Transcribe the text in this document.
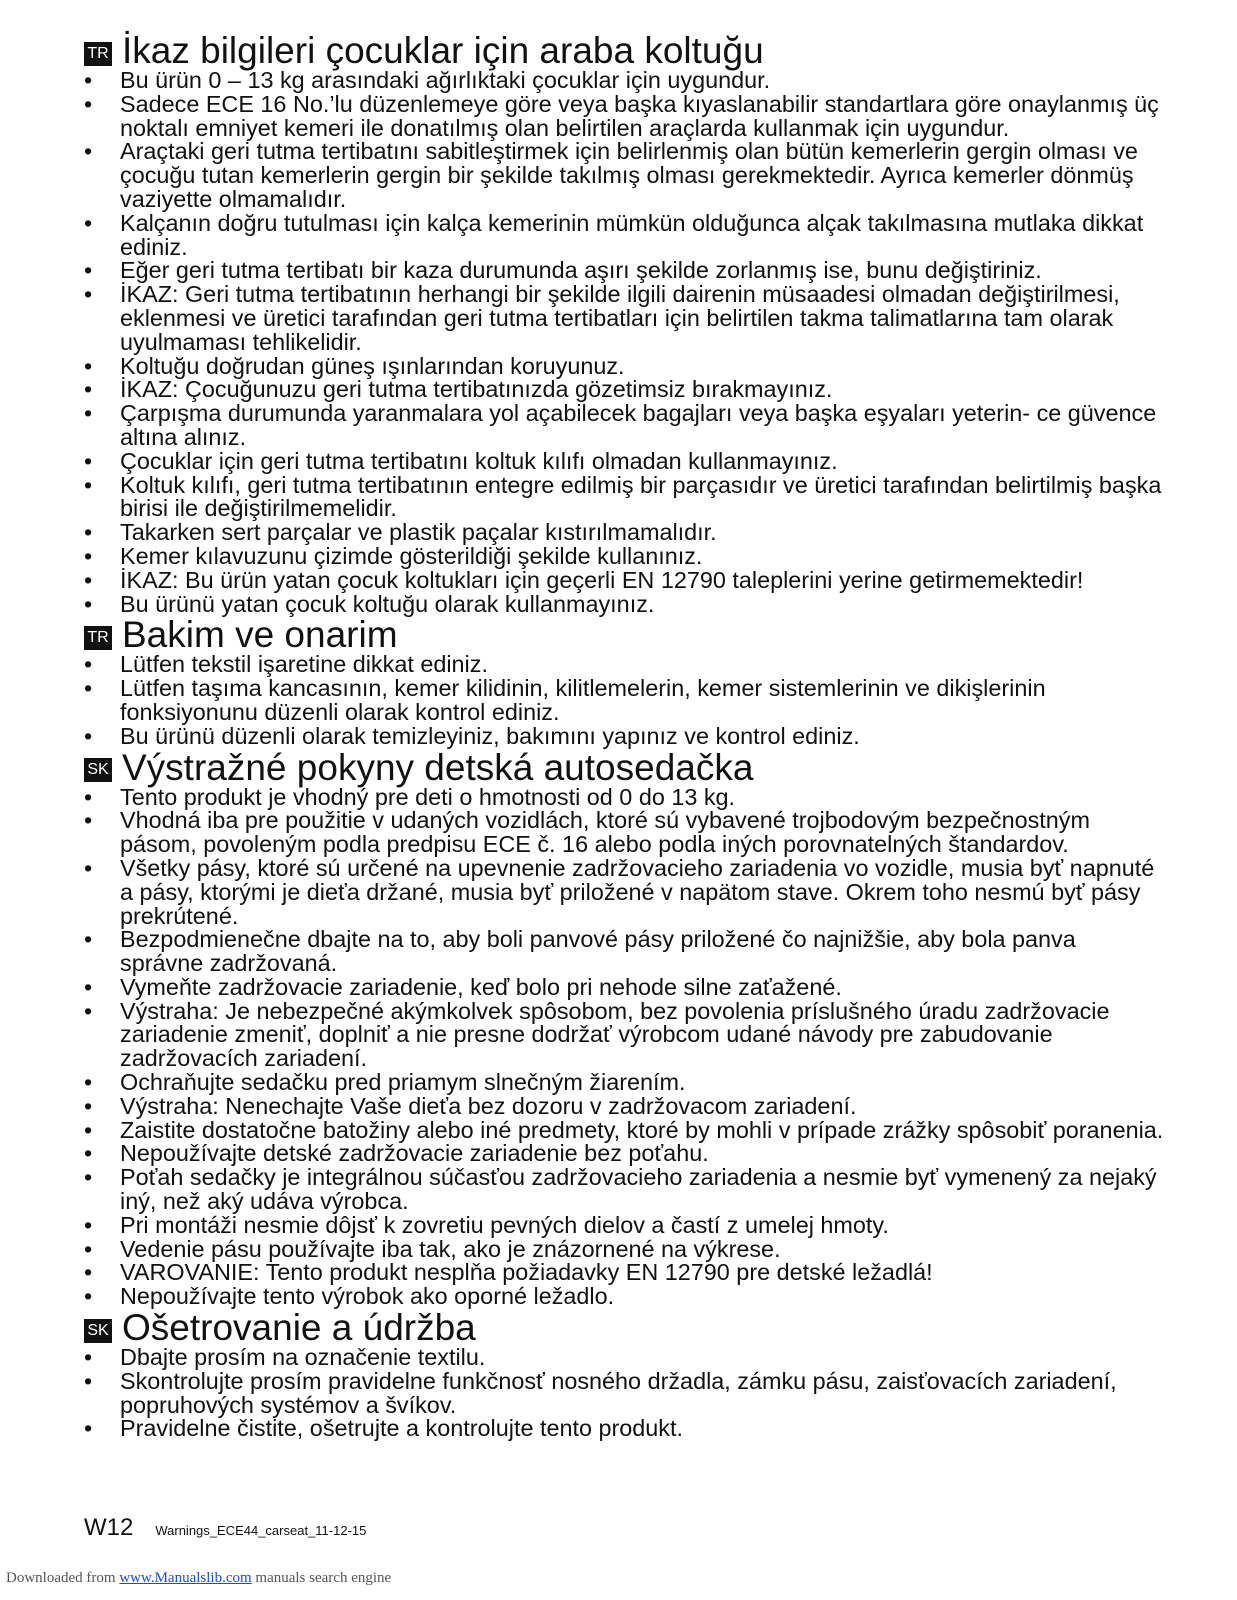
TR İkaz bilgileri çocuklar için araba koltuğu
•	Bu ürün 0 – 13 kg arasındaki ağırlıktaki çocuklar için uygundur.
•	Sadece ECE 16 No.’lu düzenlemeye göre veya başka kıyaslanabilir standartlara göre onaylanmış üç noktalı emniyet kemeri ile donatılmış olan belirtilen araçlarda kullanmak için uygundur.
•	Araçtaki geri tutma tertibatını sabitleştirmek için belirlenmiş olan bütün kemerlerin gergin olması ve çocuğu tutan kemerlerin gergin bir şekilde takılmış olması gerekmektedir. Ayrıca kemerler dönmüş vaziyette olmamalıdır.
•	Kalçanın doğru tutulması için kalça kemerinin mümkün olduğunca alçak takılmasına mutlaka dikkat ediniz.
•	Eğer geri tutma tertibatı bir kaza durumunda aşırı şekilde zorlanmış ise, bunu değiştiriniz.
•	İKAZ: Geri tutma tertibatının herhangi bir şekilde ilgili dairenin müsaadesi olmadan değiştirilmesi, eklenmesi ve üretici tarafından geri tutma tertibatları için belirtilen takma talimatlarına tam olarak uyulmaması tehlikelidir.
•	Koltuğu doğrudan güneş ışınlarından koruyunuz.
•	İKAZ: Çocuğunuzu geri tutma tertibatınızda gözetimsiz bırakmayınız.
•	Çarpışma durumunda yaranmalara yol açabilecek bagajları veya başka eşyaları yeterin- ce güvence altına alınız.
•	Çocuklar için geri tutma tertibatını koltuk kılıfı olmadan kullanmayınız.
•	Koltuk kılıfı, geri tutma tertibatının entegre edilmiş bir parçasıdır ve üretici tarafından belirtilmiş başka birisi ile değiştirilmemelidir.
•	Takarken sert parçalar ve plastik paçalar kıstırılmamalıdır.
•	Kemer kılavuzunu çizimde gösterildiği şekilde kullanınız.
•	İKAZ: Bu ürün yatan çocuk koltukları için geçerli EN 12790 taleplerini yerine getirmemektedir!
•	Bu ürünü yatan çocuk koltuğu olarak kullanmayınız.
TR Bakim ve onarim
•	Lütfen tekstil işaretine dikkat ediniz.
•	Lütfen taşıma kancasının, kemer kilidinin, kilitlemelerin, kemer sistemlerinin ve dikişlerinin fonksiyonunu düzenli olarak kontrol ediniz.
•	Bu ürünü düzenli olarak temizleyiniz, bakımını yapınız ve kontrol ediniz.
SK Výstražné pokyny detská autosedačka
•	Tento produkt je vhodný pre deti o hmotnosti od 0 do 13 kg.
•	Vhodná iba pre použitie v udaných vozidlách, ktoré sú vybavené trojbodovým bezpečnostným pásom, povoleným podla predpisu ECE č. 16 alebo podla iných porovnatelných štandardov.
•	Všetky pásy, ktoré sú určené na upevnenie zadržovacieho zariadenia vo vozidle, musia byť napnuté a pásy, ktorými je dieťa držané, musia byť priložené v napätom stave. Okrem toho nesmú byť pásy prekrútené.
•	Bezpodmienečne dbajte na to, aby boli panvové pásy priložené čo najnižšie, aby bola panva správne zadržovaná.
•	Vymeňte zadržovacie zariadenie, keď bolo pri nehode silne zaťažené.
•	Výstraha: Je nebezpečné akýmkolvek spôsobom, bez povolenia príslušného úradu zadržovacie zariadenie zmeniť, doplniť a nie presne dodržať výrobcom udané návody pre zabudovanie zadržovacích zariadení.
•	Ochraňujte sedačku pred priamym slnečným žiarením.
•	Výstraha: Nenechajte Vaše dieťa bez dozoru v zadržovacom zariadení.
•	Zaistite dostatočne batožiny alebo iné predmety, ktoré by mohli v prípade zrážky spôsobiť poranenia.
•	Nepoužívajte detské zadržovacie zariadenie bez poťahu.
•	Poťah sedačky je integrálnou súčasťou zadržovacieho zariadenia a nesmie byť vymenený za nejaký iný, než aký udáva výrobca.
•	Pri montáži nesmie dôjsť k zovretiu pevných dielov a častí z umelej hmoty.
•	Vedenie pásu používajte iba tak, ako je znázornené na výkrese.
•	VAROVANIE: Tento produkt nesplňa požiadavky EN 12790 pre detské ležadlá!
•	Nepoužívajte tento výrobok ako oporné ležadlo.
SK Ošetrovanie a údržba
•	Dbajte prosím na označenie textilu.
•	Skontrolujte prosím pravidelne funkčnosť nosného držadla, zámku pásu, zaisťovacích zariadení, popruhových systémov a švíkov.
•	Pravidelne čistite, ošetrujte a kontrolujte tento produkt.
W12 Warnings_ECE44_carseat_11-12-15
Downloaded from www.Manualslib.com manuals search engine
